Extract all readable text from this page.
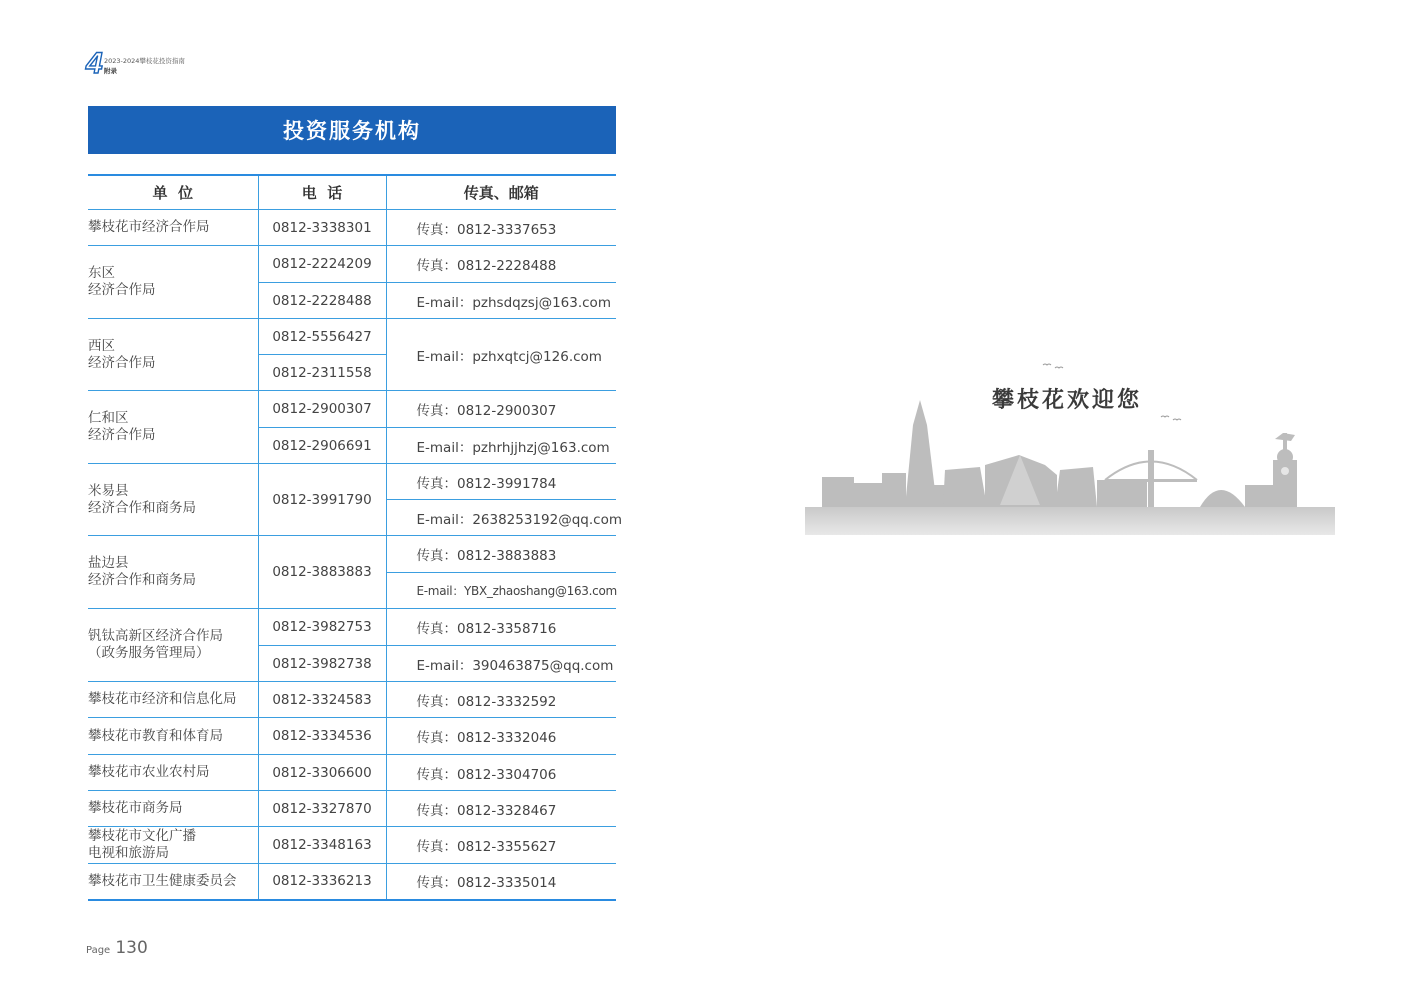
4 2023-2024攀枝花投资指南
附录
投资服务机构
单  位	电  话	传真、邮箱
攀枝花市经济合作局	0812-3338301	传真：0812-3337653
东区
经济合作局	0812-2224209	传真：0812-2228488
	0812-2228488	E-mail：pzhsdqzsj@163.com
西区
经济合作局	0812-5556427	E-mail：pzhxqtcj@126.com
	0812-2311558	
仁和区
经济合作局	0812-2900307	传真：0812-2900307
	0812-2906691	E-mail：pzhrhjjhzj@163.com
米易县
经济合作和商务局	0812-3991790	传真：0812-3991784
		E-mail：2638253192@qq.com
盐边县
经济合作和商务局	0812-3883883	传真：0812-3883883
		E-mail：YBX_zhaoshang@163.com
钒钛高新区经济合作局
（政务服务管理局）	0812-3982753	传真：0812-3358716
	0812-3982738	E-mail：390463875@qq.com
攀枝花市经济和信息化局	0812-3324583	传真：0812-3332592
攀枝花市教育和体育局	0812-3334536	传真：0812-3332046
攀枝花市农业农村局	0812-3306600	传真：0812-3304706
攀枝花市商务局	0812-3327870	传真：0812-3328467
攀枝花市文化广播
电视和旅游局	0812-3348163	传真：0812-3355627
攀枝花市卫生健康委员会	0812-3336213	传真：0812-3335014
Page 130
攀枝花欢迎您
